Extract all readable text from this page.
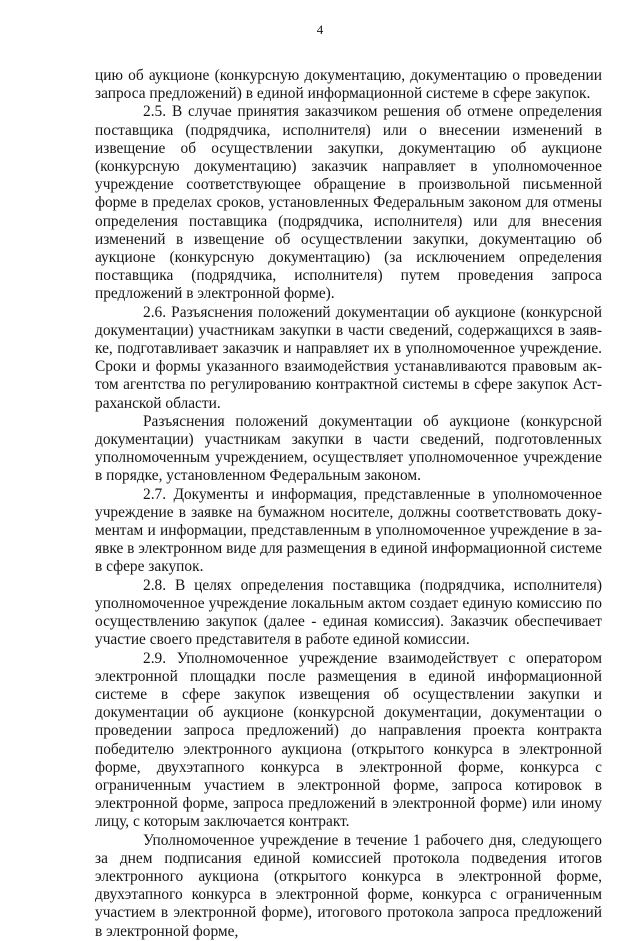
4

цию об аукционе (конкурсную документацию, документацию о проведении запроса предложений) в единой информационной системе в сфере закупок.

2.5. В случае принятия заказчиком решения об отмене определения поставщика (подрядчика, исполнителя) или о внесении изменений в извещение об осуществлении закупки, документацию об аукционе (конкурсную документацию) заказчик направляет в уполномоченное учреждение соответствующее обращение в произвольной письменной форме в пределах сроков, установленных Федеральным законом для отмены определения поставщика (подрядчика, исполнителя) или для внесения изменений в извещение об осуществлении закупки, документацию об аукционе (конкурсную документацию) (за исключением определения поставщика (подрядчика, исполнителя) путем проведения запроса предложений в электронной форме).

2.6. Разъяснения положений документации об аукционе (конкурсной документации) участникам закупки в части сведений, содержащихся в заявке, подготавливает заказчик и направляет их в уполномоченное учреждение. Сроки и формы указанного взаимодействия устанавливаются правовым актом агентства по регулированию контрактной системы в сфере закупок Астраханской области.

Разъяснения положений документации об аукционе (конкурсной документации) участникам закупки в части сведений, подготовленных уполномоченным учреждением, осуществляет уполномоченное учреждение в порядке, установленном Федеральным законом.

2.7. Документы и информация, представленные в уполномоченное учреждение в заявке на бумажном носителе, должны соответствовать документам и информации, представленным в уполномоченное учреждение в заявке в электронном виде для размещения в единой информационной системе в сфере закупок.

2.8. В целях определения поставщика (подрядчика, исполнителя) уполномоченное учреждение локальным актом создает единую комиссию по осуществлению закупок (далее - единая комиссия). Заказчик обеспечивает участие своего представителя в работе единой комиссии.

2.9. Уполномоченное учреждение взаимодействует с оператором электронной площадки после размещения в единой информационной системе в сфере закупок извещения об осуществлении закупки и документации об аукционе (конкурсной документации, документации о проведении запроса предложений) до направления проекта контракта победителю электронного аукциона (открытого конкурса в электронной форме, двухэтапного конкурса в электронной форме, конкурса с ограниченным участием в электронной форме, запроса котировок в электронной форме, запроса предложений в электронной форме) или иному лицу, с которым заключается контракт.

Уполномоченное учреждение в течение 1 рабочего дня, следующего за днем подписания единой комиссией протокола подведения итогов электронного аукциона (открытого конкурса в электронной форме, двухэтапного конкурса в электронной форме, конкурса с ограниченным участием в электронной форме), итогового протокола запроса предложений в электронной форме,
